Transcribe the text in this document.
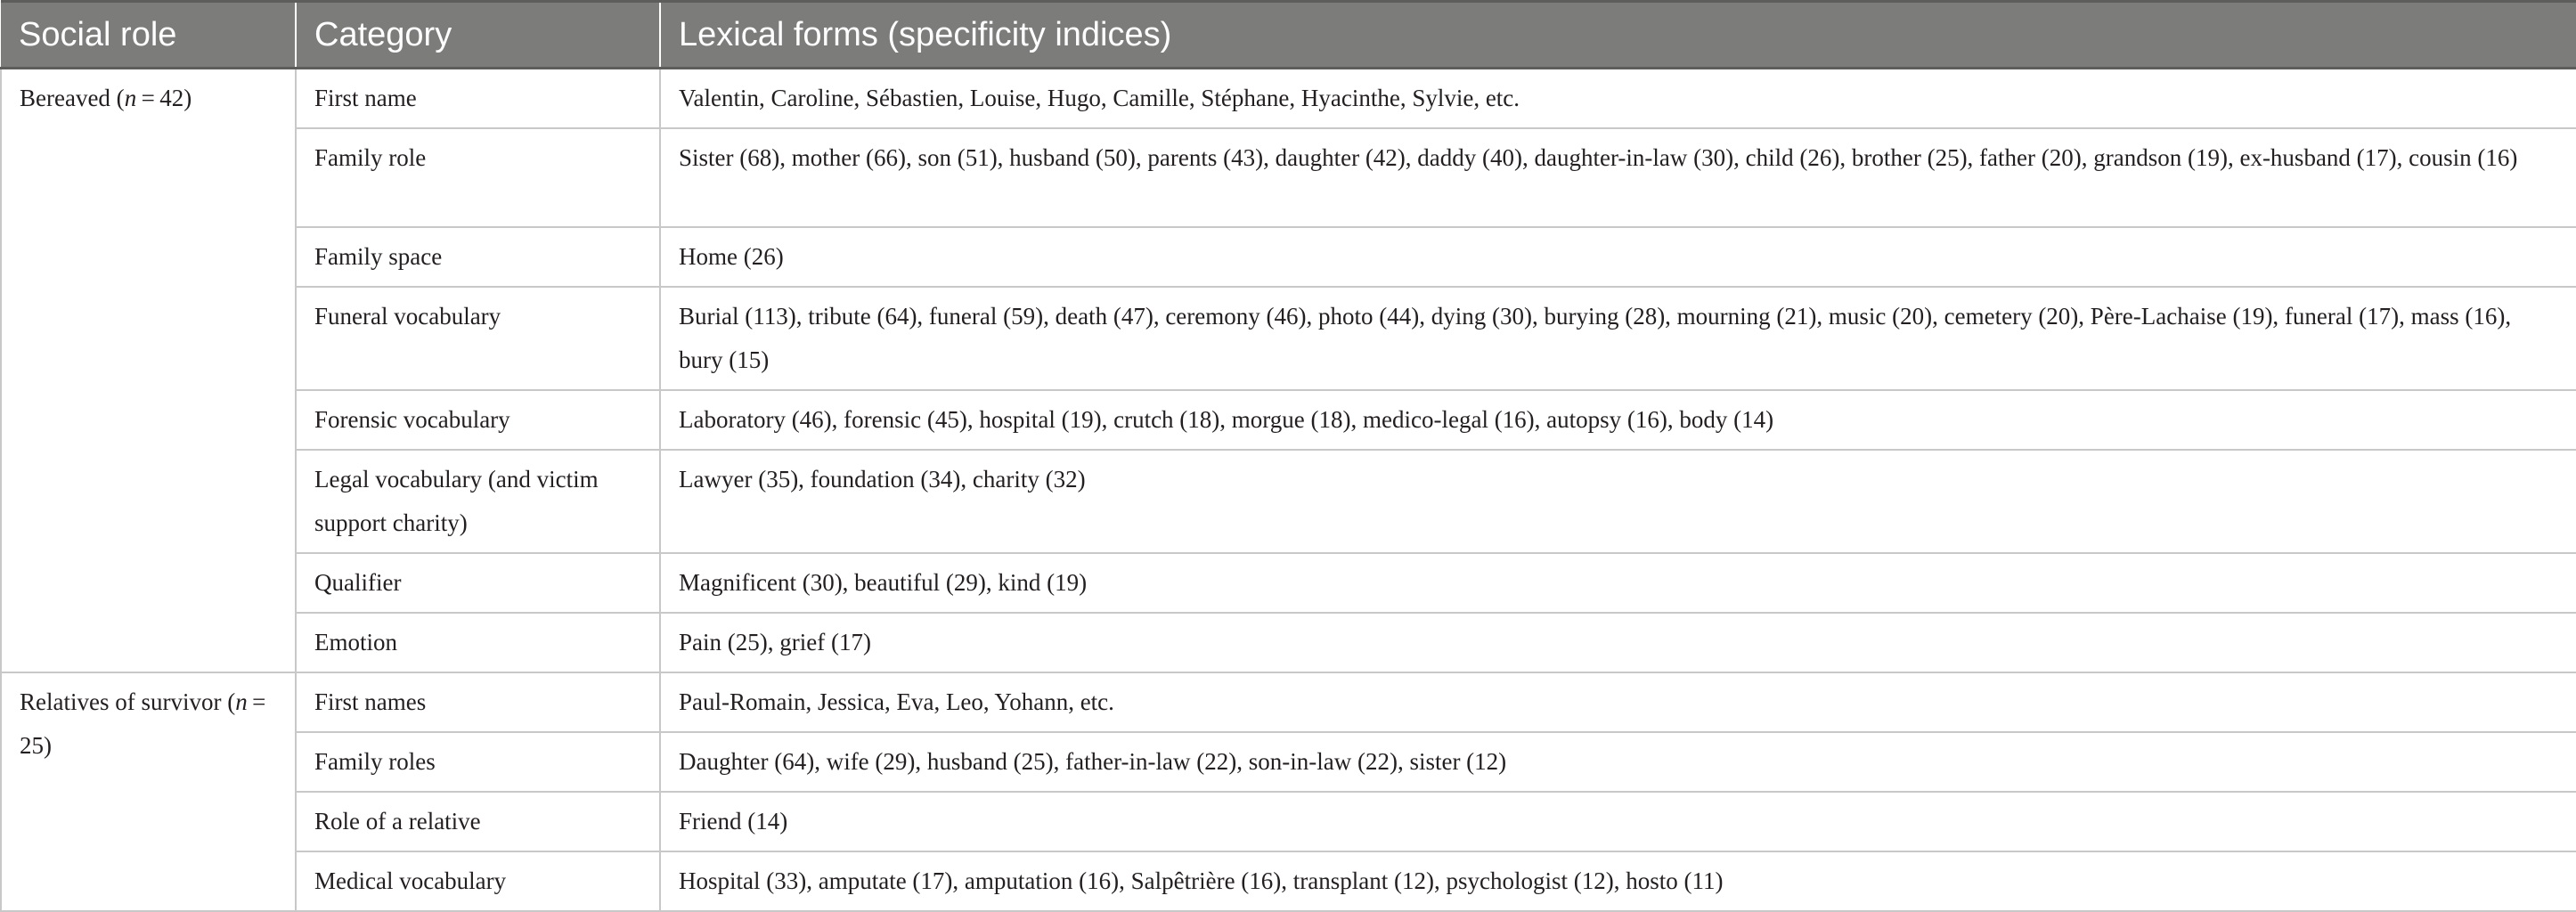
Social role	Category	Lexical forms (specificity indices)
Bereaved (n = 42)	First name	Valentin, Caroline, Sébastien, Louise, Hugo, Camille, Stéphane, Hyacinthe, Sylvie, etc.
	Family role	Sister (68), mother (66), son (51), husband (50), parents (43), daughter (42), daddy (40), daughter-in-law (30), child (26), brother (25), father (20), grandson (19), ex-husband (17), cousin (16)
	Family space	Home (26)
	Funeral vocabulary	Burial (113), tribute (64), funeral (59), death (47), ceremony (46), photo (44), dying (30), burying (28), mourning (21), music (20), cemetery (20), Père-Lachaise (19), funeral (17), mass (16), bury (15)
	Forensic vocabulary	Laboratory (46), forensic (45), hospital (19), crutch (18), morgue (18), medico-legal (16), autopsy (16), body (14)
	Legal vocabulary (and victim support charity)	Lawyer (35), foundation (34), charity (32)
	Qualifier	Magnificent (30), beautiful (29), kind (19)
	Emotion	Pain (25), grief (17)
Relatives of survivor (n = 25)	First names	Paul-Romain, Jessica, Eva, Leo, Yohann, etc.
	Family roles	Daughter (64), wife (29), husband (25), father-in-law (22), son-in-law (22), sister (12)
	Role of a relative	Friend (14)
	Medical vocabulary	Hospital (33), amputate (17), amputation (16), Salpêtrière (16), transplant (12), psychologist (12), hosto (11)
